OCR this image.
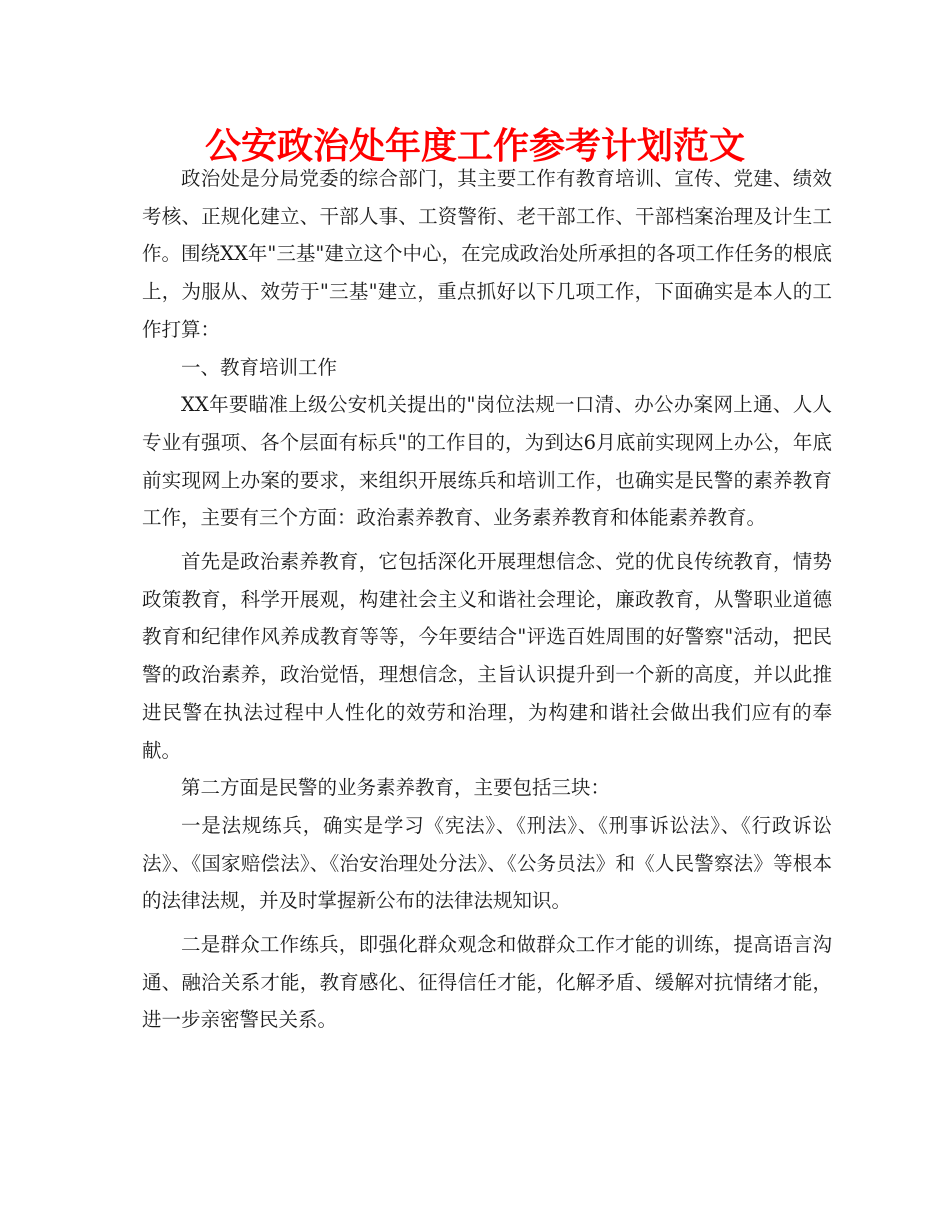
公安政治处年度工作参考计划范文

政治处是分局党委的综合部门，其主要工作有教育培训、宣传、党建、绩效考核、正规化建立、干部人事、工资警衔、老干部工作、干部档案治理及计生工作。围绕XX年"三基"建立这个中心，在完成政治处所承担的各项工作任务的根底上，为服从、效劳于"三基"建立，重点抓好以下几项工作，下面确实是本人的工作打算：

一、教育培训工作

XX年要瞄准上级公安机关提出的"岗位法规一口清、办公办案网上通、人人专业有强项、各个层面有标兵"的工作目的，为到达6月底前实现网上办公，年底前实现网上办案的要求，来组织开展练兵和培训工作，也确实是民警的素养教育工作，主要有三个方面：政治素养教育、业务素养教育和体能素养教育。

首先是政治素养教育，它包括深化开展理想信念、党的优良传统教育，情势政策教育，科学开展观，构建社会主义和谐社会理论，廉政教育，从警职业道德教育和纪律作风养成教育等等，今年要结合"评选百姓周围的好警察"活动，把民警的政治素养，政治觉悟，理想信念，主旨认识提升到一个新的高度，并以此推进民警在执法过程中人性化的效劳和治理，为构建和谐社会做出我们应有的奉献。

第二方面是民警的业务素养教育，主要包括三块：

一是法规练兵，确实是学习《宪法》、《刑法》、《刑事诉讼法》、《行政诉讼法》、《国家赔偿法》、《治安治理处分法》、《公务员法》和《人民警察法》等根本的法律法规，并及时掌握新公布的法律法规知识。

二是群众工作练兵，即强化群众观念和做群众工作才能的训练，提高语言沟通、融洽关系才能，教育感化、征得信任才能，化解矛盾、缓解对抗情绪才能，进一步亲密警民关系。
